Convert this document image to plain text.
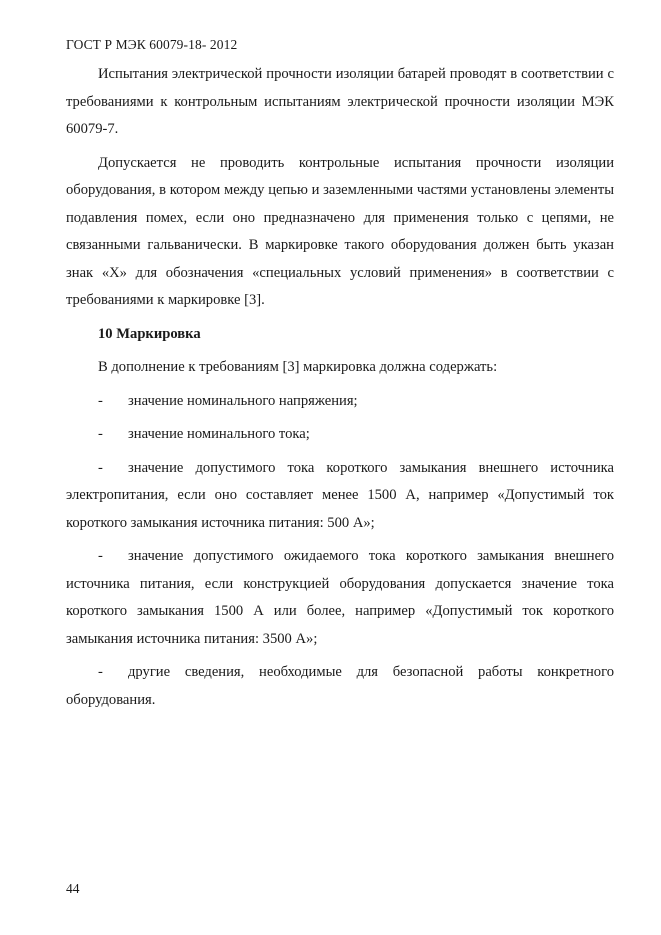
ГОСТ Р МЭК 60079-18- 2012

Испытания электрической прочности изоляции батарей проводят в соответствии с требованиями к контрольным испытаниям электрической прочности изоляции МЭК 60079-7.

Допускается не проводить контрольные испытания прочности изоляции оборудования, в котором между цепью и заземленными частями установлены элементы подавления помех, если оно предназначено для применения только с цепями, не связанными гальванически. В маркировке такого оборудования должен быть указан знак «X» для обозначения «специальных условий применения» в соответствии с требованиями к маркировке [3].

10 Маркировка

В дополнение к требованиям [3] маркировка должна содержать:

- значение номинального напряжения;

- значение номинального тока;

- значение допустимого тока короткого замыкания внешнего источника электропитания, если оно составляет менее 1500 А, например «Допустимый ток короткого замыкания источника питания: 500 А»;

- значение допустимого ожидаемого тока короткого замыкания внешнего источника питания, если конструкцией оборудования допускается значение тока короткого замыкания 1500 А или более, например «Допустимый ток короткого замыкания источника питания: 3500 А»;

- другие сведения, необходимые для безопасной работы конкретного оборудования.

44
